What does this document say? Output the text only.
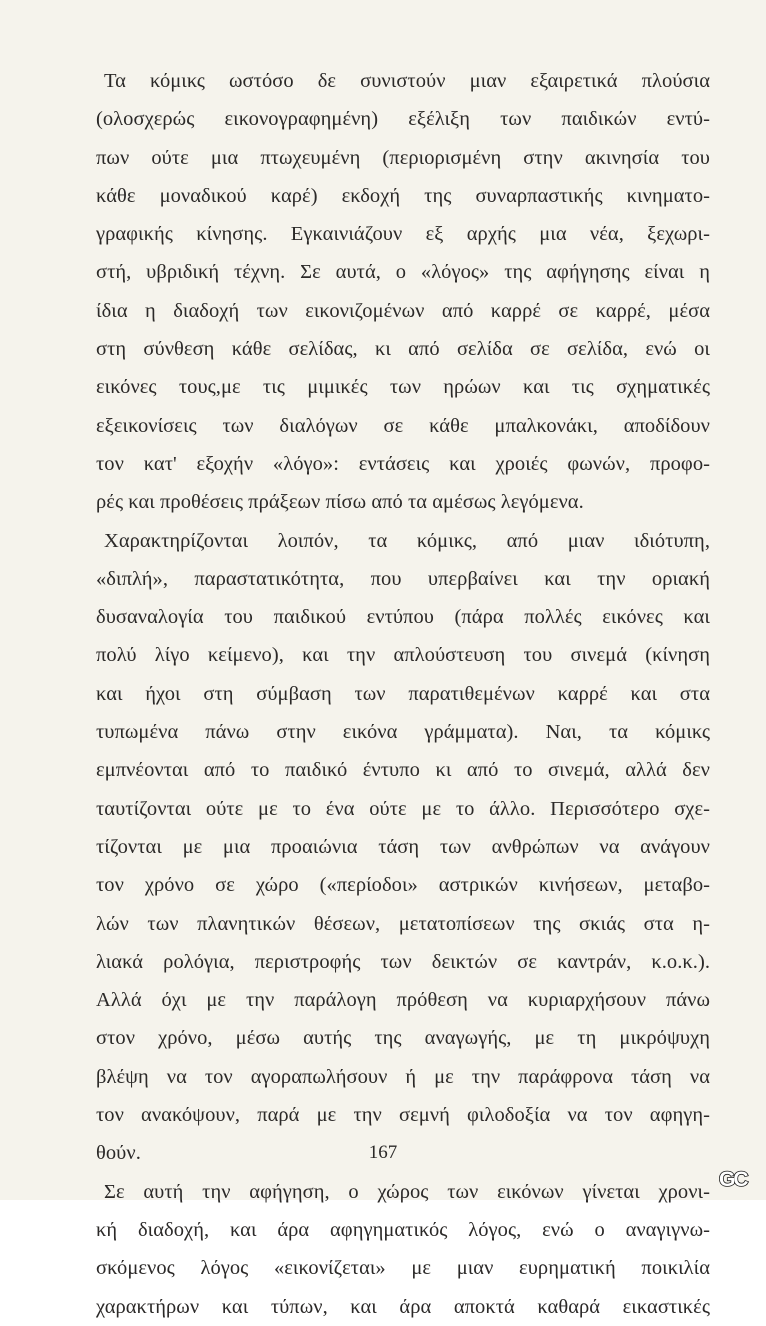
Τα κόμικς ωστόσο δε συνιστούν μιαν εξαιρετικά πλούσια
(ολοσχερώς εικονογραφημένη) εξέλιξη των παιδικών εντύ-
πων ούτε μια πτωχευμένη (περιορισμένη στην ακινησία του
κάθε μοναδικού καρέ) εκδοχή της συναρπαστικής κινηματο-
γραφικής κίνησης. Εγκαινιάζουν εξ αρχής μια νέα, ξεχωρι-
στή, υβριδική τέχνη. Σε αυτά, ο «λόγος» της αφήγησης είναι η
ίδια η διαδοχή των εικονιζομένων από καρρέ σε καρρέ, μέσα
στη σύνθεση κάθε σελίδας, κι από σελίδα σε σελίδα, ενώ οι
εικόνες τους,με τις μιμικές των ηρώων και τις σχηματικές
εξεικονίσεις των διαλόγων σε κάθε μπαλκονάκι, αποδίδουν
τον κατ' εξοχήν «λόγο»: εντάσεις και χροιές φωνών, προφο-
ρές και προθέσεις πράξεων πίσω από τα αμέσως λεγόμενα.
Χαρακτηρίζονται λοιπόν, τα κόμικς, από μιαν ιδιότυπη,
«διπλή», παραστατικότητα, που υπερβαίνει και την οριακή
δυσαναλογία του παιδικού εντύπου (πάρα πολλές εικόνες και
πολύ λίγο κείμενο), και την απλούστευση του σινεμά (κίνηση
και ήχοι στη σύμβαση των παρατιθεμένων καρρέ και στα
τυπωμένα πάνω στην εικόνα γράμματα). Ναι, τα κόμικς
εμπνέονται από το παιδικό έντυπο κι από το σινεμά, αλλά δεν
ταυτίζονται ούτε με το ένα ούτε με το άλλο. Περισσότερο σχε-
τίζονται με μια προαιώνια τάση των ανθρώπων να ανάγουν
τον χρόνο σε χώρο («περίοδοι» αστρικών κινήσεων, μεταβο-
λών των πλανητικών θέσεων, μετατοπίσεων της σκιάς στα η-
λιακά ρολόγια, περιστροφής των δεικτών σε καντράν, κ.ο.κ.).
Αλλά όχι με την παράλογη πρόθεση να κυριαρχήσουν πάνω
στον χρόνο, μέσω αυτής της αναγωγής, με τη μικρόψυχη
βλέψη να τον αγοραπωλήσουν ή με την παράφρονα τάση να
τον ανακόψουν, παρά με την σεμνή φιλοδοξία να τον αφηγη-
θούν.
Σε αυτή την αφήγηση, ο χώρος των εικόνων γίνεται χρονι-
κή διαδοχή, και άρα αφηγηματικός λόγος, ενώ ο αναγιγνω-
σκόμενος λόγος «εικονίζεται» με μιαν ευρηματική ποικιλία
χαρακτήρων και τύπων, και άρα αποκτά καθαρά εικαστικές
167
GC
